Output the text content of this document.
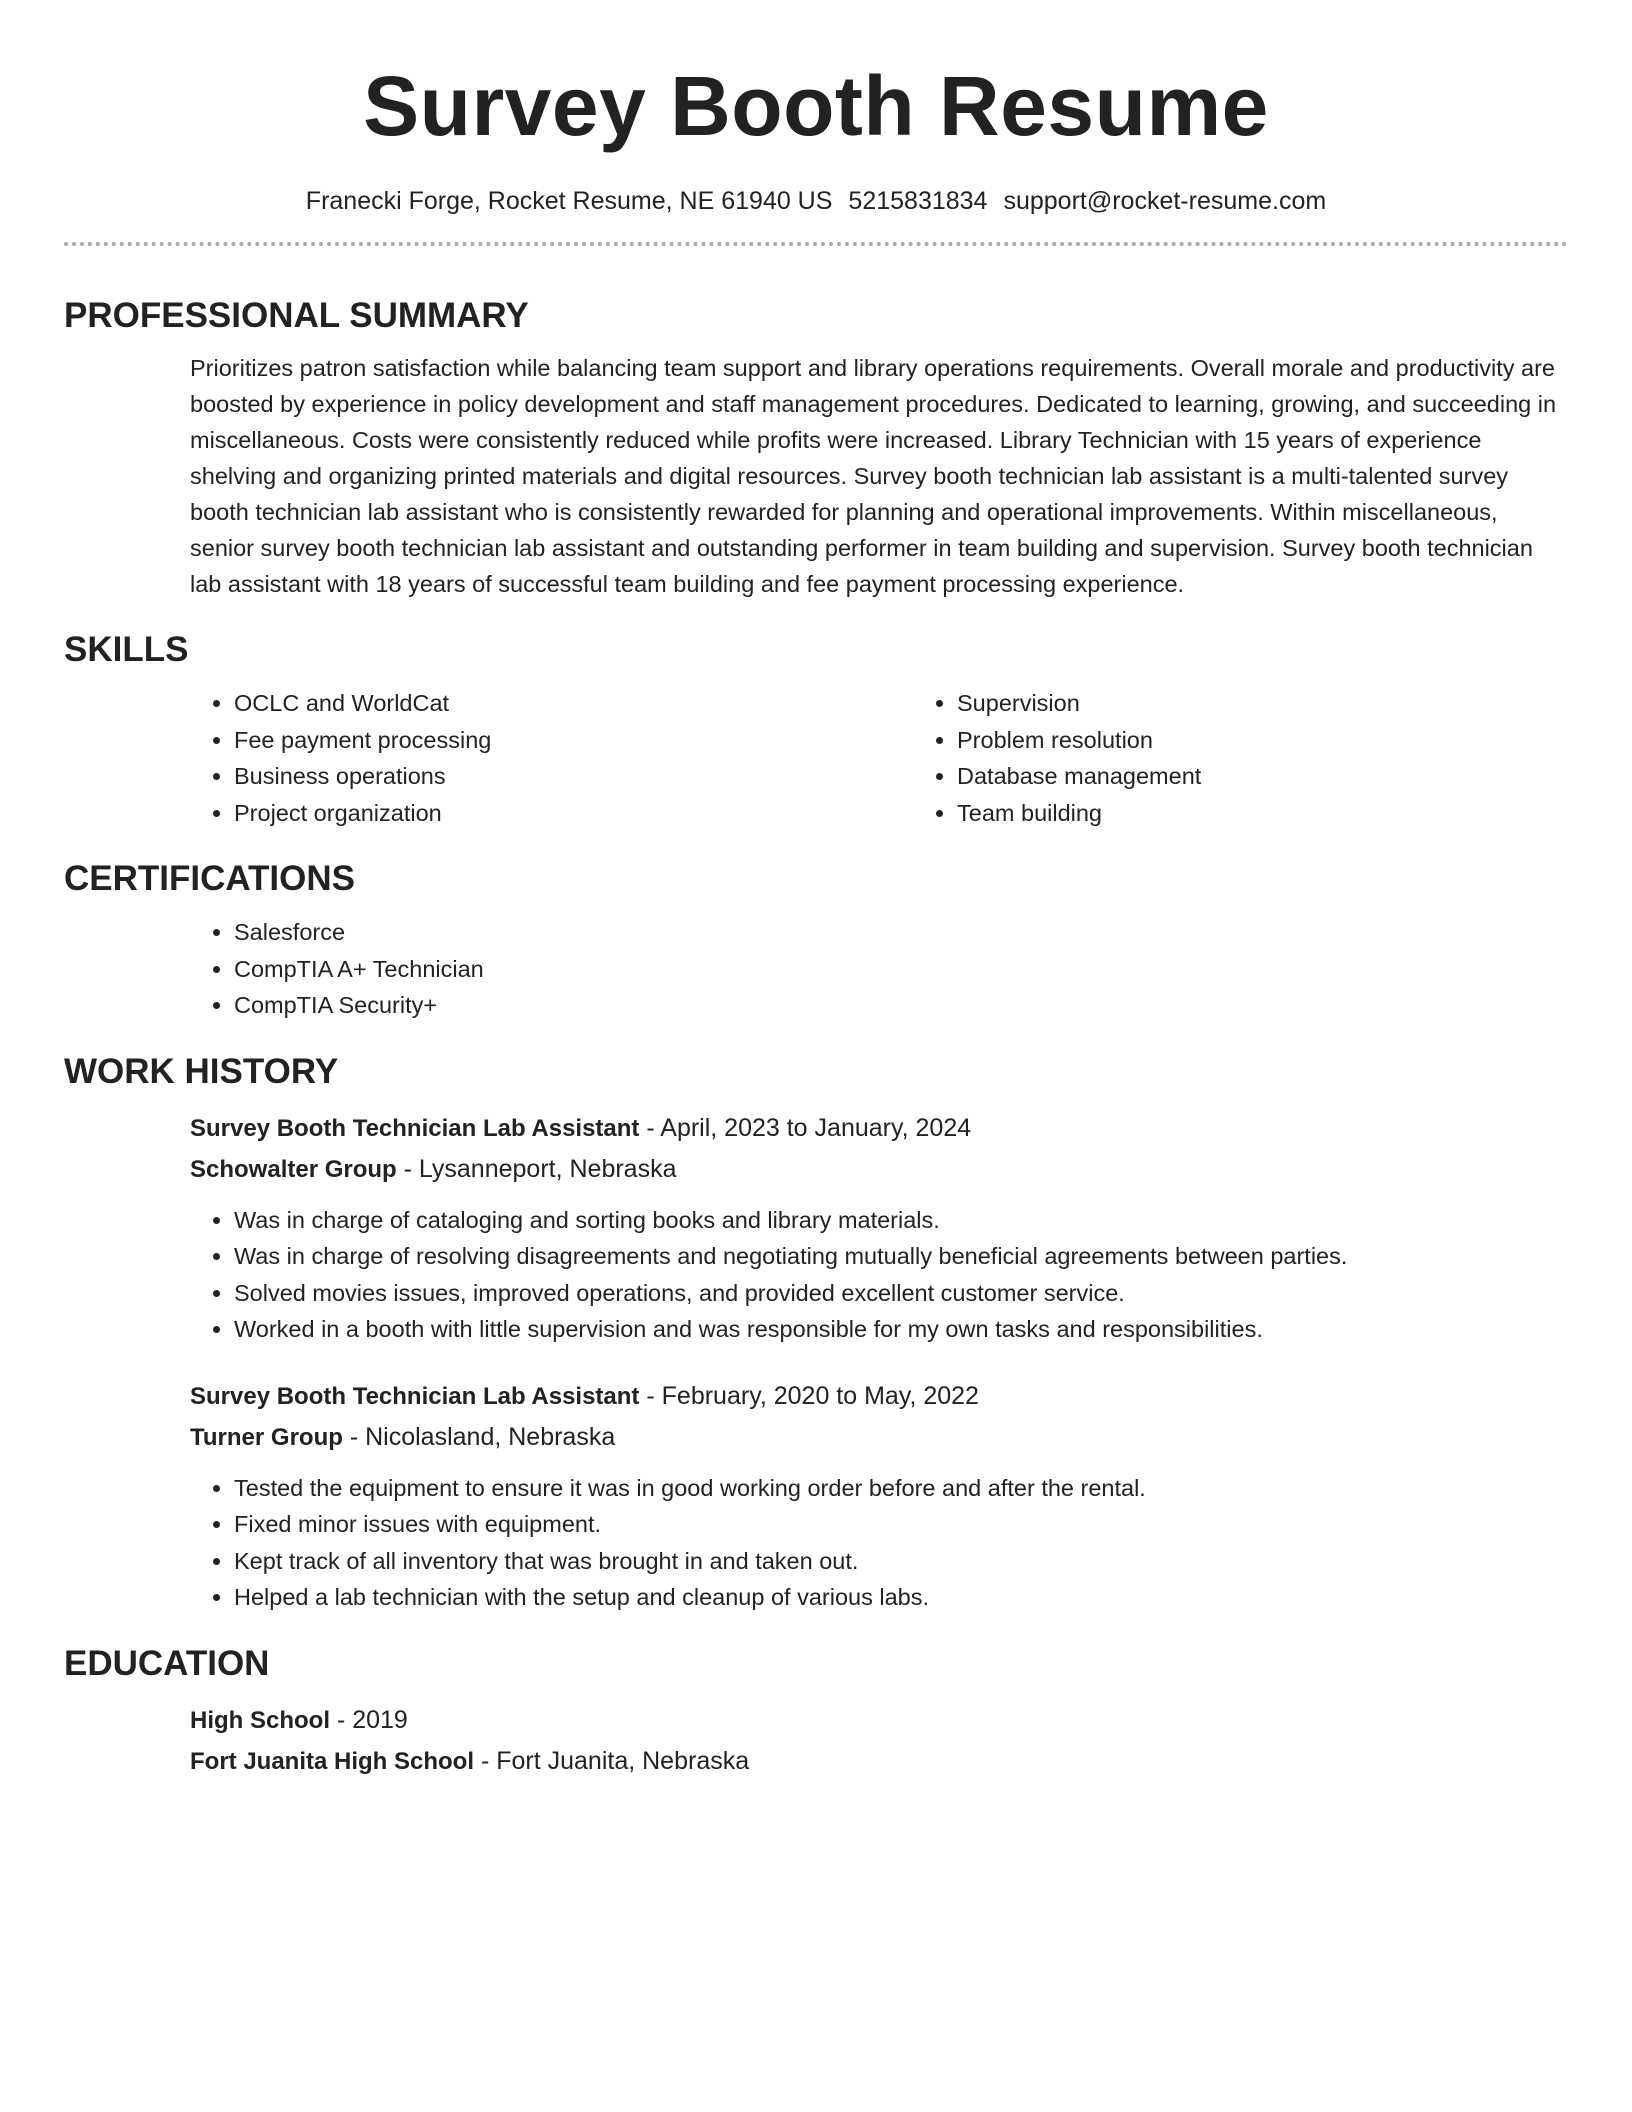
Survey Booth Resume
Franecki Forge, Rocket Resume, NE 61940 US 5215831834 support@rocket-resume.com
PROFESSIONAL SUMMARY

Prioritizes patron satisfaction while balancing team support and library operations requirements. Overall morale and productivity are boosted by experience in policy development and staff management procedures. Dedicated to learning, growing, and succeeding in miscellaneous. Costs were consistently reduced while profits were increased. Library Technician with 15 years of experience shelving and organizing printed materials and digital resources. Survey booth technician lab assistant is a multi-talented survey booth technician lab assistant who is consistently rewarded for planning and operational improvements. Within miscellaneous, senior survey booth technician lab assistant and outstanding performer in team building and supervision. Survey booth technician lab assistant with 18 years of successful team building and fee payment processing experience.

SKILLS
• OCLC and WorldCat
• Fee payment processing
• Business operations
• Project organization
• Supervision
• Problem resolution
• Database management
• Team building
CERTIFICATIONS
• Salesforce
• CompTIA A+ Technician
• CompTIA Security+
WORK HISTORY
Survey Booth Technician Lab Assistant - April, 2023 to January, 2024
Schowalter Group - Lysanneport, Nebraska
• Was in charge of cataloging and sorting books and library materials.
• Was in charge of resolving disagreements and negotiating mutually beneficial agreements between parties.
• Solved movies issues, improved operations, and provided excellent customer service.
• Worked in a booth with little supervision and was responsible for my own tasks and responsibilities.
Survey Booth Technician Lab Assistant - February, 2020 to May, 2022
Turner Group - Nicolasland, Nebraska
• Tested the equipment to ensure it was in good working order before and after the rental.
• Fixed minor issues with equipment.
• Kept track of all inventory that was brought in and taken out.
• Helped a lab technician with the setup and cleanup of various labs.
EDUCATION
High School - 2019
Fort Juanita High School - Fort Juanita, Nebraska
